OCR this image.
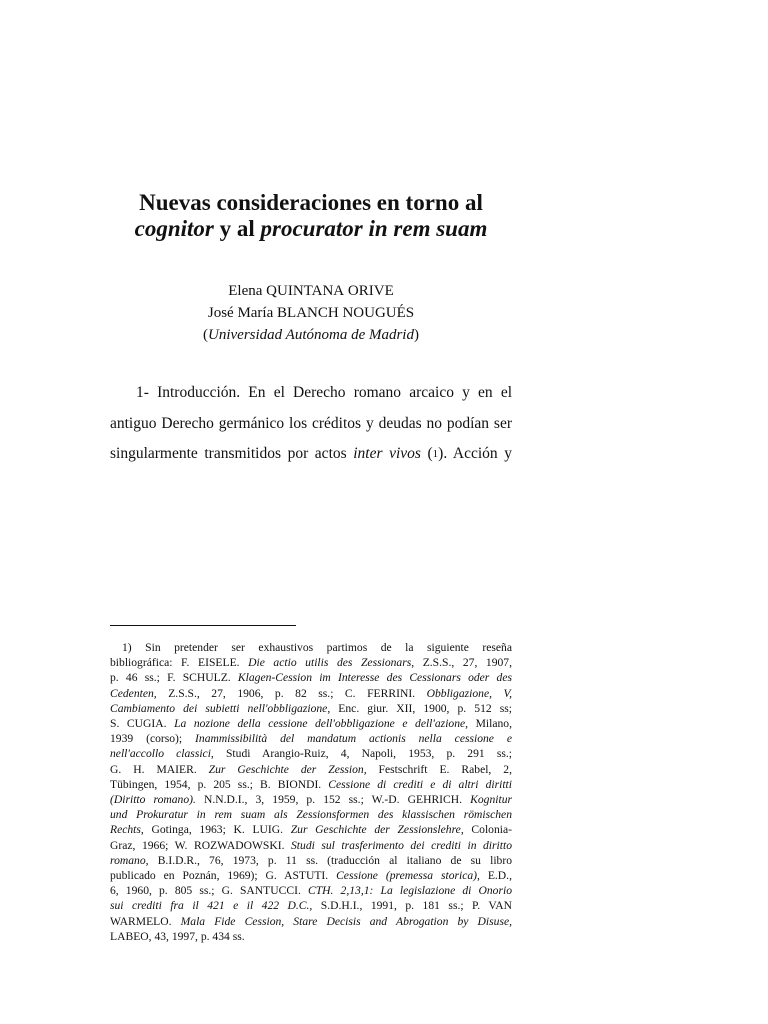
Nuevas consideraciones en torno al
cognitor y al procurator in rem suam
Elena QUINTANA ORIVE
José María BLANCH NOUGUÉS
(Universidad Autónoma de Madrid)
1- Introducción. En el Derecho romano arcaico y en el
antiguo Derecho germánico los créditos y deudas no podían ser
singularmente transmitidos por actos inter vivos (1). Acción y
1) Sin pretender ser exhaustivos partimos de la siguiente reseña
bibliográfica: F. EISELE. Die actio utilis des Zessionars, Z.S.S., 27, 1907,
p. 46 ss.; F. SCHULZ. Klagen-Cession im Interesse des Cessionars oder des
Cedenten, Z.S.S., 27, 1906, p. 82 ss.; C. FERRINI. Obbligazione, V,
Cambiamento dei subietti nell'obbligazione, Enc. giur. XII, 1900, p. 512 ss;
S. CUGIA. La nozione della cessione dell'obbligazione e dell'azione, Milano,
1939 (corso); Inammissibilità del mandatum actionis nella cessione e
nell'accollo classici, Studi Arangio-Ruiz, 4, Napoli, 1953, p. 291 ss.;
G. H. MAIER. Zur Geschichte der Zession, Festschrift E. Rabel, 2,
Tübingen, 1954, p. 205 ss.; B. BIONDI. Cessione di crediti e di altri diritti
(Diritto romano). N.N.D.I., 3, 1959, p. 152 ss.; W.-D. GEHRICH. Kognitur
und Prokuratur in rem suam als Zessionsformen des klassischen römischen
Rechts, Gotinga, 1963; K. LUIG. Zur Geschichte der Zessionslehre, Colonia-
Graz, 1966; W. ROZWADOWSKI. Studi sul trasferimento dei crediti in diritto
romano, B.I.D.R., 76, 1973, p. 11 ss. (traducción al italiano de su libro
publicado en Poznán, 1969); G. ASTUTI. Cessione (premessa storica), E.D.,
6, 1960, p. 805 ss.; G. SANTUCCI. CTH. 2,13,1: La legislazione di Onorio
sui crediti fra il 421 e il 422 D.C., S.D.H.I., 1991, p. 181 ss.; P. VAN
WARMELO. Mala Fide Cession, Stare Decisis and Abrogation by Disuse,
LABEO, 43, 1997, p. 434 ss.
